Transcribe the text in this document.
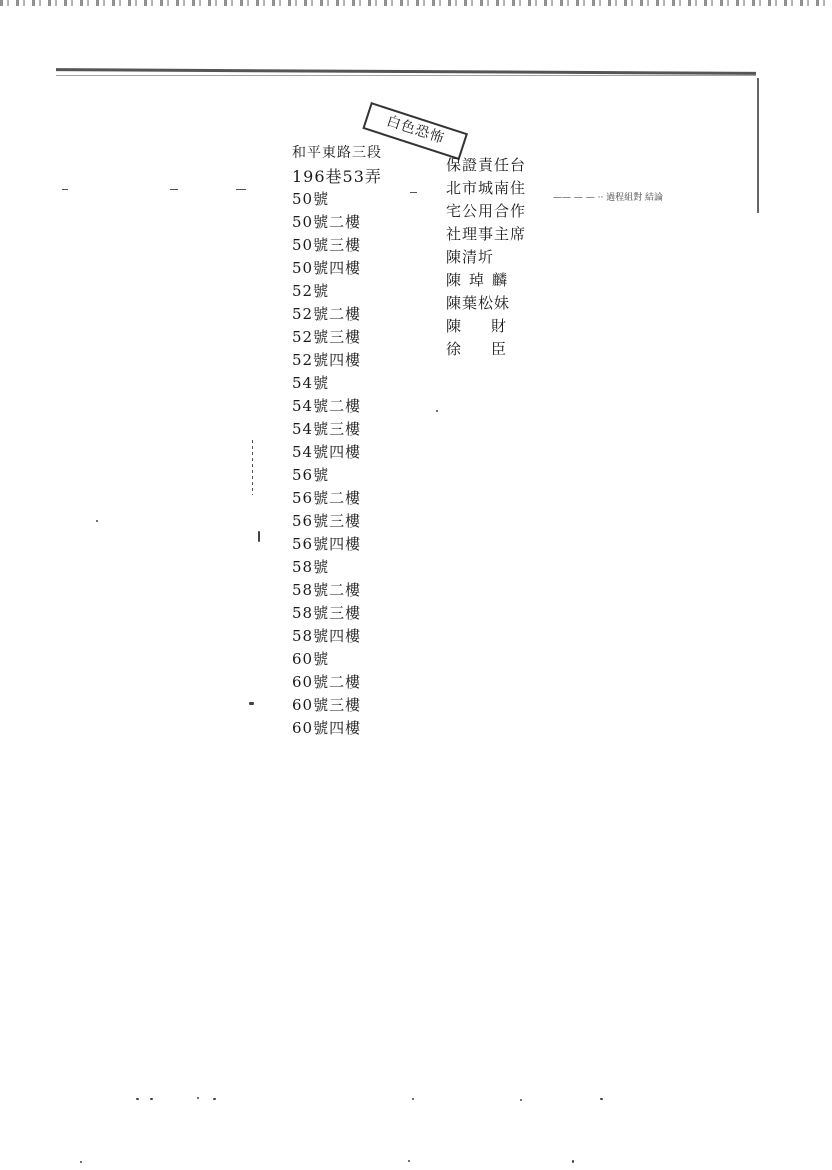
白色恐怖
—— — — ·· 過程組對 結論
和平東路三段
196巷53弄
50號
50號二樓
50號三樓
50號四樓
52號
52號二樓
52號三樓
52號四樓
54號
54號二樓
54號三樓
54號四樓
56號
56號二樓
56號三樓
56號四樓
58號
58號二樓
58號三樓
58號四樓
60號
60號二樓
60號三樓
60號四樓
保證責任台
北市城南住
宅公用合作
社理事主席
陳清圻
陳琸麟
陳葉松妹
陳財
徐臣
